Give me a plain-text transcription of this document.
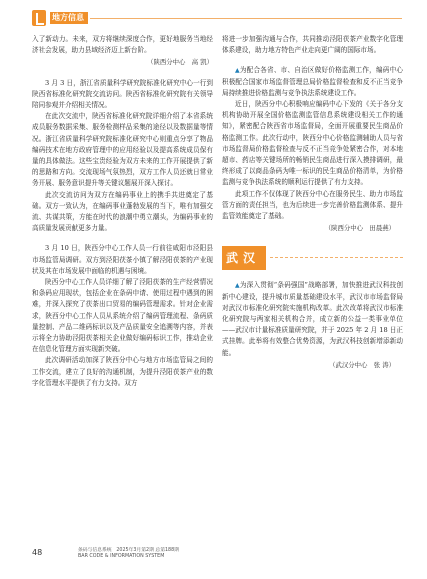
地方信息

入了新动力。未来，双方将继续深度合作，更好地服务当地经济社会发展，助力县域经济迈上新台阶。

（陕西分中心　高 凯）

3 月 3 日，浙江省质量科学研究院标准化研究中心一行到陕西省标准化研究院交流访问。陕西省标准化研究院有关领导陪同参观并介绍相关情况。

在此次交流中，陕西省标准化研究院详细介绍了本省系统成员服务数据采集、服务检测样品采集的途径以及数据量等情况。浙江省质量科学研究院标准化研究中心则重点分享了物品编码技术在地方政府管理中的应用经验以及提高系统成员保有量的具体做法。这些宝贵经验为双方未来的工作开展提供了新的思路和方向。交流现场气氛热烈，双方工作人员还就日常业务开展、服务意识提升等关键议题展开深入探讨。

此次交流访问为双方在编码事业上的携手共进奠定了基础。双方一致认为，在编码事业蓬勃发展的当下，唯有加强交流、共谋共策，方能在时代的浪潮中勇立潮头，为编码事业的高质量发展贡献更多力量。

3 月 10 日，陕西分中心工作人员一行前往咸阳市泾阳县市场监管局调研。双方到泾阳茯茶小镇了解泾阳茯茶的产业现状及其在市场发展中面临的机遇与困境。

陕西分中心工作人员详细了解了泾阳茯茶的生产经营情况和条码应用现状，包括企业在条码申请、使用过程中遇到的困难，并深入探究了茯茶出口贸易的编码管理需求。针对企业需求，陕西分中心工作人员从系统介绍了编码管理流程、条码质量控制、产品二维码标识以及产品质量安全追溯等内容，并表示将全力协助泾阳茯茶相关企业做好编码标识工作，推动企业在信息化管理方面实现新突破。

此次调研活动加深了陕西分中心与地方市场监管局之间的工作交流，建立了良好的沟通机制，为提升泾阳茯茶产业的数字化管理水平提供了有力支持。双方

将进一步加强沟通与合作，共同推动泾阳茯茶产业数字化管理体系建设，助力地方特色产业走向更广阔的国际市场。

▲为配合各省、市、自治区做好价格监测工作，编码中心积极配合国家市场监督管理总局价格监督检查和反不正当竞争局持续推进价格监测与竞争执法系统建设工作。

近日，陕西分中心积极响应编码中心下发的《关于各分支机构协助开展全国价格监测监管信息系统建设相关工作的通知》，紧密配合陕西省市场监督局，全面开展重要民生商品价格监测工作。此次行动中，陕西分中心价格监测辅助人员与省市场监督局价格监督检查与反不正当竞争处紧密合作，对本地超市、药店等关键场所的畅销民生商品进行深入摸排调研，最终形成了以商品条码为唯一标识的民生商品价格清单，为价格监测与竞争执法系统的顺利运行提供了有力支持。

此项工作不仅体现了陕西分中心在服务民生、助力市场监管方面的责任担当，也为后续进一步完善价格监测体系、提升监管效能奠定了基础。

（陕西分中心　田晨燕）
武汉

▲为深入贯彻“条码强国”战略部署，加快推进武汉科技创新中心建设，提升城市质量基础建设水平，武汉市市场监督局对武汉市标准化研究院实施机构改革。此次改革将武汉市标准化研究院与两家相关机构合并，成立新的公益一类事业单位——武汉市计量标准质量研究院，并于 2025 年 2 月 18 日正式挂牌。此举将有效整合优势资源，为武汉科技创新增添新动能。

（武汉分中心　张 涛）
48	条码与信息系统　2025年3月第2期 总第188期
BAR CODE & INFORMATION SYSTEM
